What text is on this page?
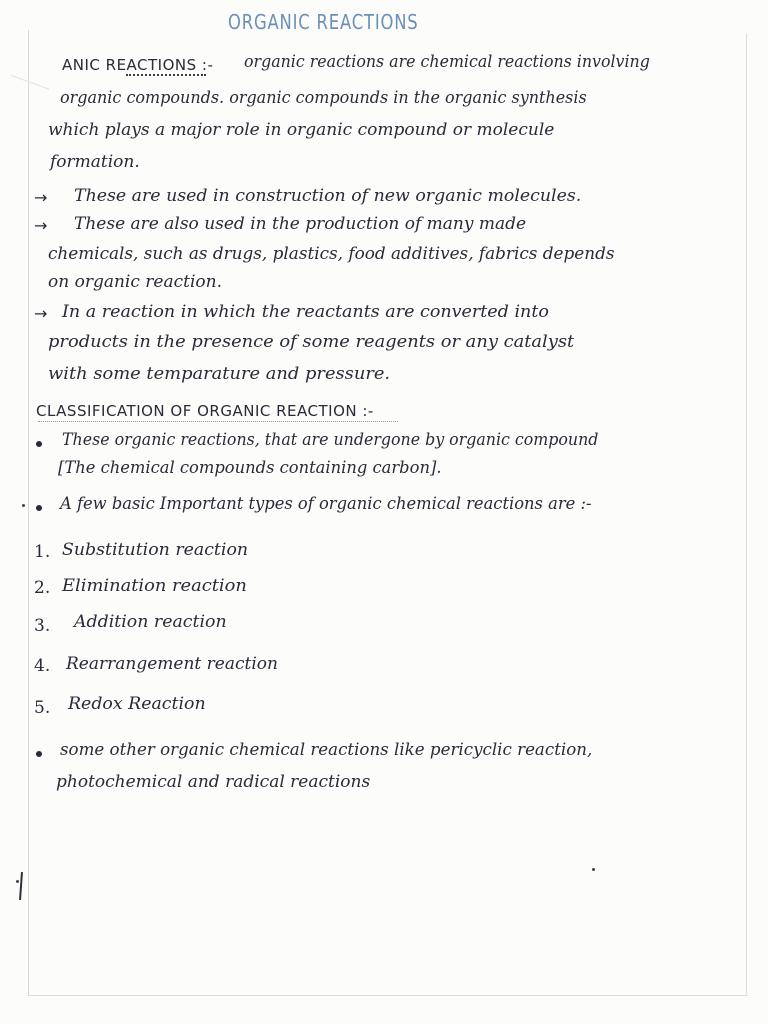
ORGANIC REACTIONS
ANIC REACTIONS :- organic reactions are chemical reactions involving
organic compounds. organic compounds in the organic synthesis
which plays a major role in organic compound or molecule
formation.
→ These are used in construction of new organic molecules.
→ These are also used in the production of many made
chemicals, such as drugs, plastics, food additives, fabrics depends
on organic reaction.
→ In a reaction in which the reactants are converted into
products in the presence of some reagents or any catalyst
with some temparature and pressure.
CLASSIFICATION OF ORGANIC REACTION :-
These organic reactions, that are undergone by organic compound
[The chemical compounds containing carbon].
A few basic Important types of organic chemical reactions are :-
1. Substitution reaction
2. Elimination reaction
3. Addition reaction
4. Rearrangement reaction
5. Redox Reaction
some other organic chemical reactions like pericyclic reaction,
photochemical and radical reactions
